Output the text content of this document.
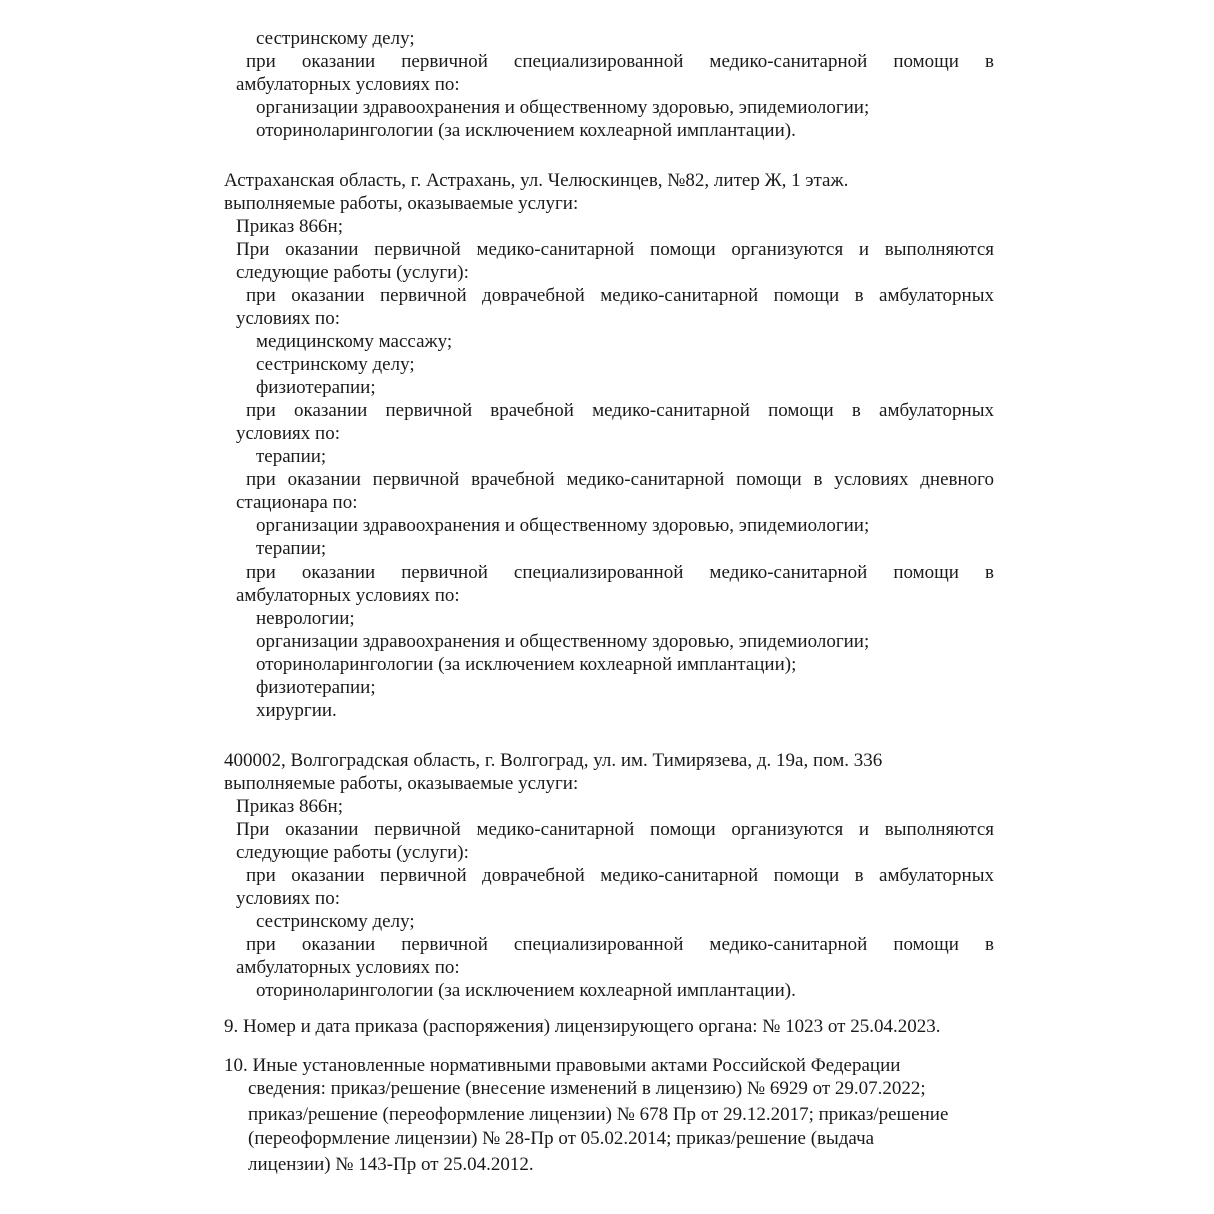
сестринскому делу;
при оказании первичной специализированной медико-санитарной помощи в
амбулаторных условиях по:
организации здравоохранения и общественному здоровью, эпидемиологии;
оториноларингологии (за исключением кохлеарной имплантации).
Астраханская область, г. Астрахань, ул. Челюскинцев, №82, литер Ж, 1 этаж.
выполняемые работы, оказываемые услуги:
Приказ 866н;
При оказании первичной медико-санитарной помощи организуются и выполняются
следующие работы (услуги):
при оказании первичной доврачебной медико-санитарной помощи в амбулаторных
условиях по:
медицинскому массажу;
сестринскому делу;
физиотерапии;
при оказании первичной врачебной медико-санитарной помощи в амбулаторных
условиях по:
терапии;
при оказании первичной врачебной медико-санитарной помощи в условиях дневного
стационара по:
организации здравоохранения и общественному здоровью, эпидемиологии;
терапии;
при оказании первичной специализированной медико-санитарной помощи в
амбулаторных условиях по:
неврологии;
организации здравоохранения и общественному здоровью, эпидемиологии;
оториноларингологии (за исключением кохлеарной имплантации);
физиотерапии;
хирургии.
400002, Волгоградская область, г. Волгоград, ул. им. Тимирязева, д. 19а, пом. 336
выполняемые работы, оказываемые услуги:
Приказ 866н;
При оказании первичной медико-санитарной помощи организуются и выполняются
следующие работы (услуги):
при оказании первичной доврачебной медико-санитарной помощи в амбулаторных
условиях по:
сестринскому делу;
при оказании первичной специализированной медико-санитарной помощи в
амбулаторных условиях по:
оториноларингологии (за исключением кохлеарной имплантации).
9. Номер и дата приказа (распоряжения) лицензирующего органа: № 1023 от 25.04.2023.
10. Иные установленные нормативными правовыми актами Российской Федерации
сведения: приказ/решение (внесение изменений в лицензию) № 6929 от 29.07.2022;
приказ/решение (переоформление лицензии) № 678 Пр от 29.12.2017; приказ/решение
(переоформление лицензии) № 28-Пр от 05.02.2014; приказ/решение (выдача
лицензии) № 143-Пр от 25.04.2012.
